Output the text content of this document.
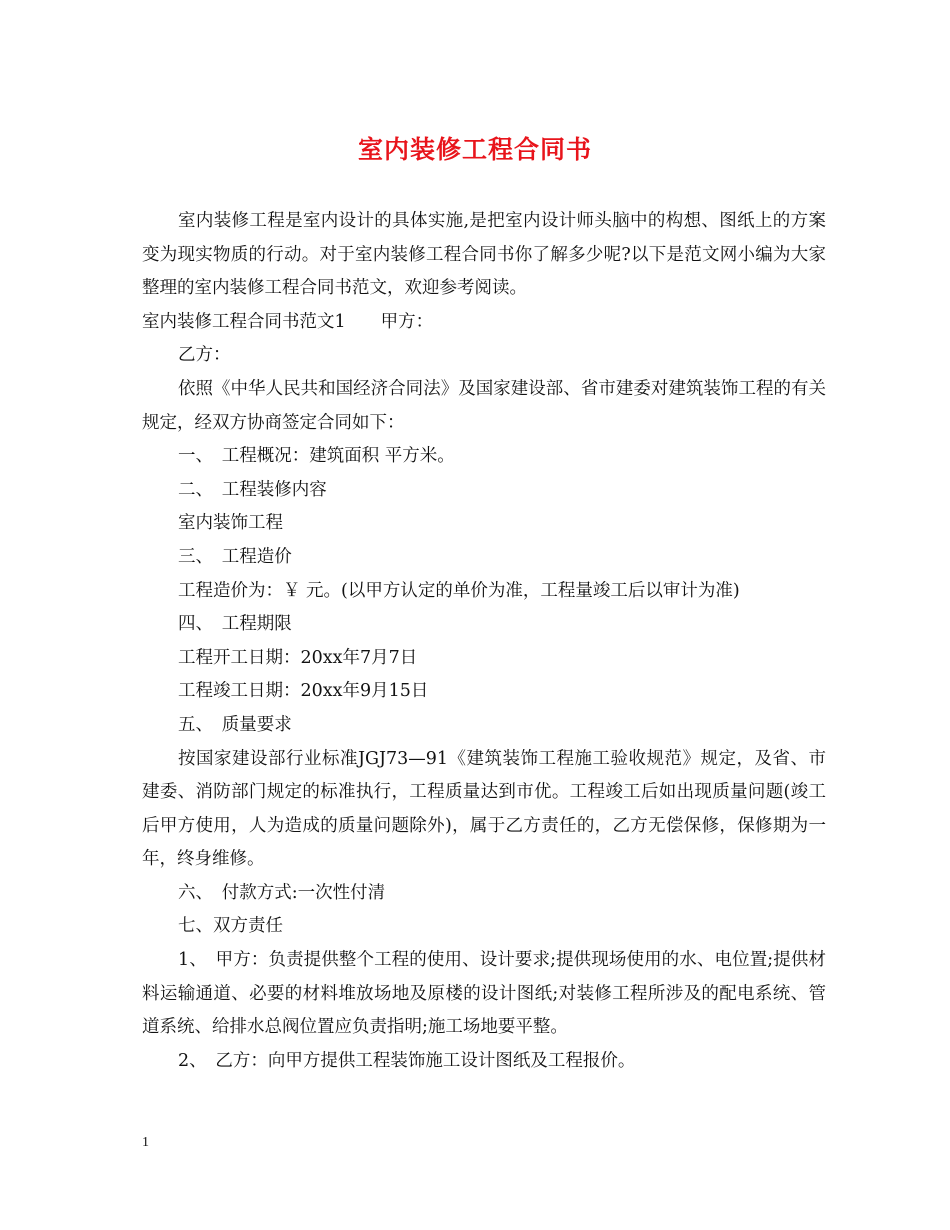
室内装修工程合同书

室内装修工程是室内设计的具体实施,是把室内设计师头脑中的构想、图纸上的方案变为现实物质的行动。对于室内装修工程合同书你了解多少呢?以下是范文网小编为大家整理的室内装修工程合同书范文，欢迎参考阅读。

室内装修工程合同书范文1　　甲方：

乙方：

依照《中华人民共和国经济合同法》及国家建设部、省市建委对建筑装饰工程的有关规定，经双方协商签定合同如下：

一、　工程概况：建筑面积 平方米。

二、　工程装修内容

室内装饰工程

三、　工程造价

工程造价为：￥ 元。(以甲方认定的单价为准，工程量竣工后以审计为准)

四、　工程期限

工程开工日期：20xx年7月7日

工程竣工日期：20xx年9月15日

五、　质量要求

按国家建设部行业标准JGJ73—91《建筑装饰工程施工验收规范》规定，及省、市建委、消防部门规定的标准执行，工程质量达到市优。工程竣工后如出现质量问题(竣工后甲方使用，人为造成的质量问题除外)，属于乙方责任的，乙方无偿保修，保修期为一年，终身维修。

六、　付款方式:一次性付清

七、双方责任

1、　甲方：负责提供整个工程的使用、设计要求;提供现场使用的水、电位置;提供材料运输通道、必要的材料堆放场地及原楼的设计图纸;对装修工程所涉及的配电系统、管道系统、给排水总阀位置应负责指明;施工场地要平整。

2、　乙方：向甲方提供工程装饰施工设计图纸及工程报价。

1
